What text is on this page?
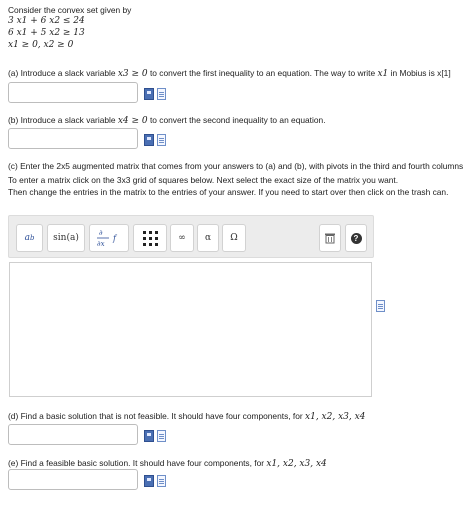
Consider the convex set given by
3 x1 + 6 x2 ≤ 24
6 x1 + 5 x2 ≥ 13
x1 ≥ 0, x2 ≥ 0
(a) Introduce a slack variable x3 ≥ 0 to convert the first inequality to an equation. The way to write x1 in Mobius is x[1]
(b) Introduce a slack variable x4 ≥ 0 to convert the second inequality to an equation.
(c) Enter the 2x5 augmented matrix that comes from your answers to (a) and (b), with pivots in the third and fourth columns
To enter a matrix click on the 3x3 grid of squares below. Next select the exact size of the matrix you want.
Then change the entries in the matrix to the entries of your answer. If you need to start over then click on the trash can.
a b sin(a)	∂
∂x
f	∞ α Ω	?
(d) Find a basic solution that is not feasible. It should have four components, for x1, x2, x3, x4
(e) Find a feasible basic solution. It should have four components, for x1, x2, x3, x4
